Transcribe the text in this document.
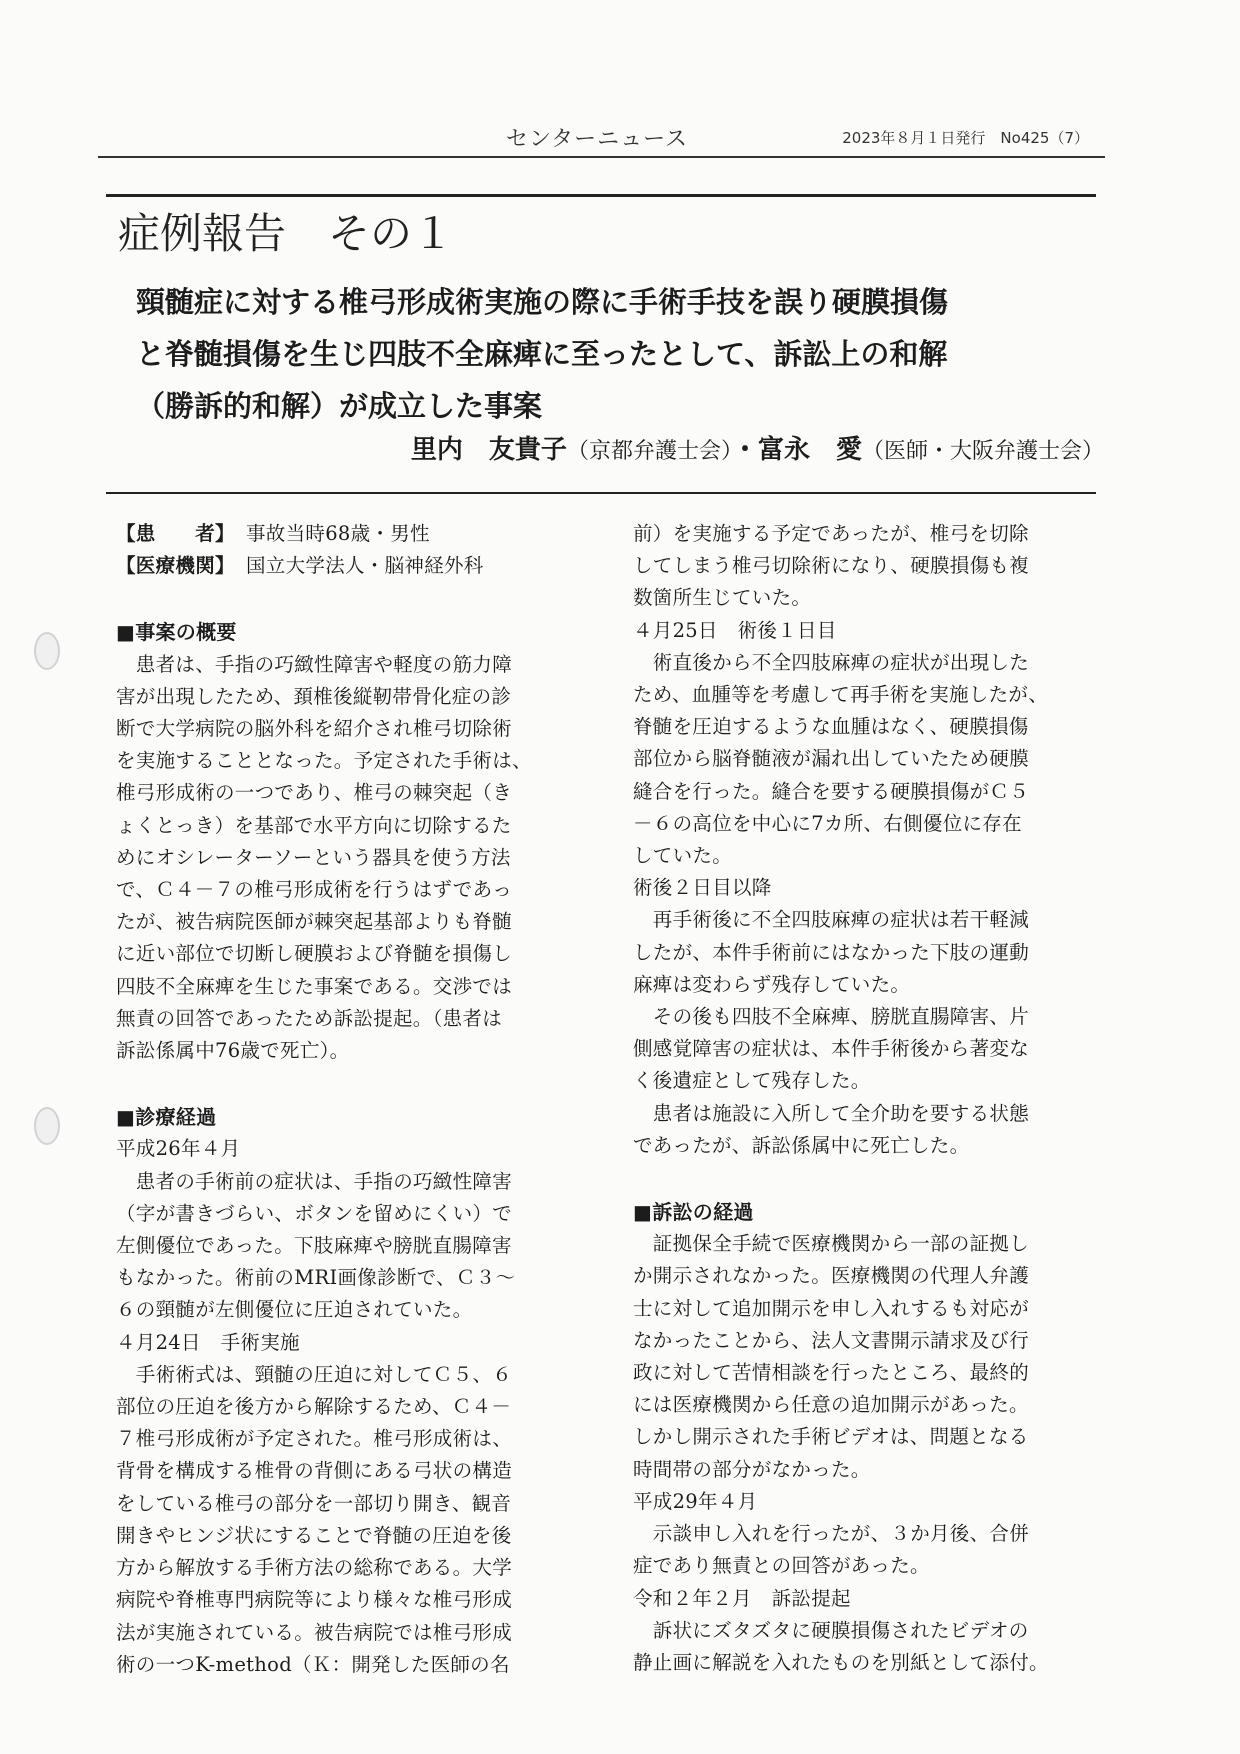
センターニュース	2023年８月１日発行　No425（7）
症例報告　その１
頸髄症に対する椎弓形成術実施の際に手術手技を誤り硬膜損傷
と脊髄損傷を生じ四肢不全麻痺に至ったとして、訴訟上の和解
（勝訴的和解）が成立した事案
里内　友貴子（京都弁護士会）・富永　愛（医師・大阪弁護士会）
【患　　者】 事故当時68歳・男性
【医療機関】 国立大学法人・脳神経外科
■事案の概要
　患者は、手指の巧緻性障害や軽度の筋力障
害が出現したため、頚椎後縦靭帯骨化症の診
断で大学病院の脳外科を紹介され椎弓切除術
を実施することとなった。予定された手術は、
椎弓形成術の一つであり、椎弓の棘突起（き
ょくとっき）を基部で水平方向に切除するた
めにオシレーターソーという器具を使う方法
で、Ｃ４－７の椎弓形成術を行うはずであっ
たが、被告病院医師が棘突起基部よりも脊髄
に近い部位で切断し硬膜および脊髄を損傷し
四肢不全麻痺を生じた事案である。交渉では
無責の回答であったため訴訟提起。（患者は
訴訟係属中76歳で死亡）。
■診療経過
平成26年４月
　患者の手術前の症状は、手指の巧緻性障害
（字が書きづらい、ボタンを留めにくい）で
左側優位であった。下肢麻痺や膀胱直腸障害
もなかった。術前のMRI画像診断で、Ｃ３～
６の頸髄が左側優位に圧迫されていた。
４月24日　手術実施
　手術術式は、頸髄の圧迫に対してＣ５、６
部位の圧迫を後方から解除するため、Ｃ４－
７椎弓形成術が予定された。椎弓形成術は、
背骨を構成する椎骨の背側にある弓状の構造
をしている椎弓の部分を一部切り開き、観音
開きやヒンジ状にすることで脊髄の圧迫を後
方から解放する手術方法の総称である。大学
病院や脊椎専門病院等により様々な椎弓形成
法が実施されている。被告病院では椎弓形成
術の一つK-method（Ｋ：開発した医師の名
前）を実施する予定であったが、椎弓を切除
してしまう椎弓切除術になり、硬膜損傷も複
数箇所生じていた。
４月25日　術後１日目
　術直後から不全四肢麻痺の症状が出現した
ため、血腫等を考慮して再手術を実施したが、
脊髄を圧迫するような血腫はなく、硬膜損傷
部位から脳脊髄液が漏れ出していたため硬膜
縫合を行った。縫合を要する硬膜損傷がＣ５
－６の高位を中心に7カ所、右側優位に存在
していた。
術後２日目以降
　再手術後に不全四肢麻痺の症状は若干軽減
したが、本件手術前にはなかった下肢の運動
麻痺は変わらず残存していた。
　その後も四肢不全麻痺、膀胱直腸障害、片
側感覚障害の症状は、本件手術後から著変な
く後遺症として残存した。
　患者は施設に入所して全介助を要する状態
であったが、訴訟係属中に死亡した。
■訴訟の経過
　証拠保全手続で医療機関から一部の証拠し
か開示されなかった。医療機関の代理人弁護
士に対して追加開示を申し入れするも対応が
なかったことから、法人文書開示請求及び行
政に対して苦情相談を行ったところ、最終的
には医療機関から任意の追加開示があった。
しかし開示された手術ビデオは、問題となる
時間帯の部分がなかった。
平成29年４月
　示談申し入れを行ったが、３か月後、合併
症であり無責との回答があった。
令和２年２月　訴訟提起
　訴状にズタズタに硬膜損傷されたビデオの
静止画に解説を入れたものを別紙として添付。
